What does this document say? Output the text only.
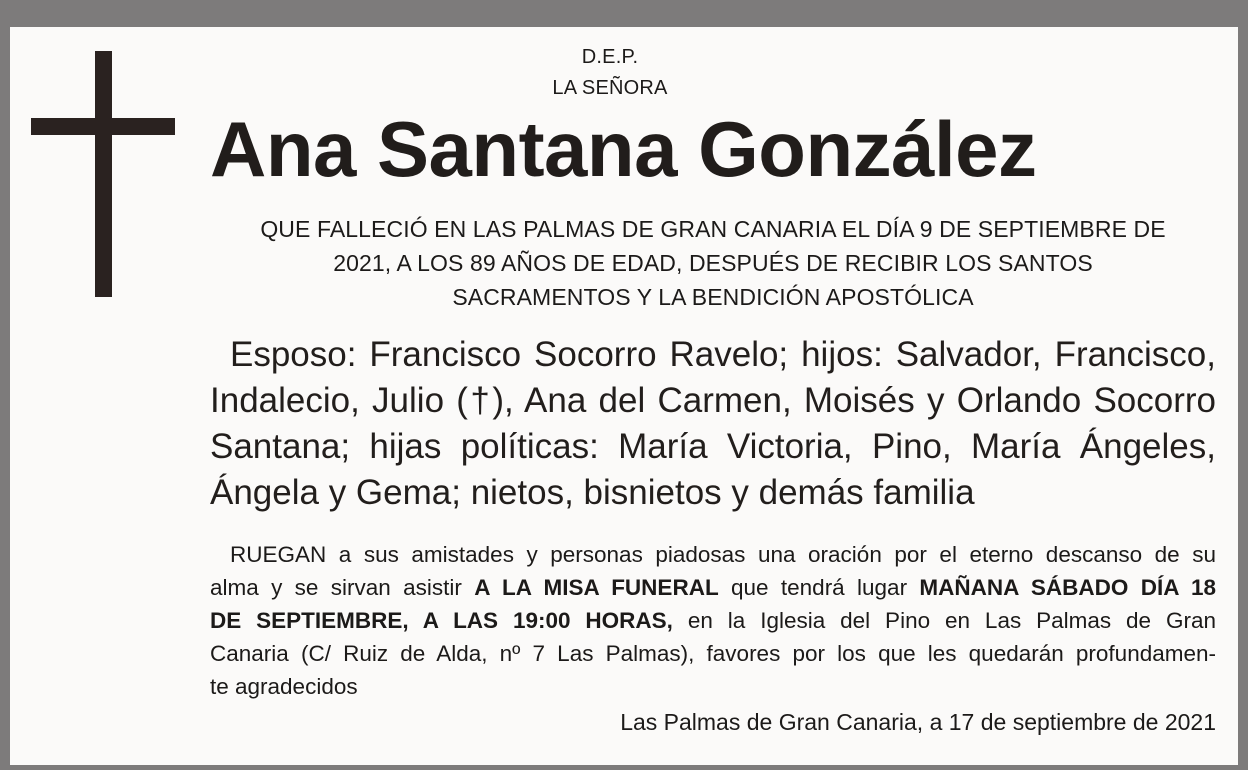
D.E.P.
LA SEÑORA
Ana Santana González
QUE FALLECIÓ EN LAS PALMAS DE GRAN CANARIA EL DÍA 9 DE SEPTIEMBRE DE
2021, A LOS 89 AÑOS DE EDAD, DESPUÉS DE RECIBIR LOS SANTOS
SACRAMENTOS Y LA BENDICIÓN APOSTÓLICA
Esposo: Francisco Socorro Ravelo; hijos: Salvador, Francisco,
Indalecio, Julio (†), Ana del Carmen, Moisés y Orlando Socorro
Santana; hijas políticas: María Victoria, Pino, María Ángeles,
Ángela y Gema; nietos, bisnietos y demás familia
RUEGAN a sus amistades y personas piadosas una oración por el eterno descanso de su
alma y se sirvan asistir A LA MISA FUNERAL que tendrá lugar MAÑANA SÁBADO DÍA 18
DE SEPTIEMBRE, A LAS 19:00 HORAS, en la Iglesia del Pino en Las Palmas de Gran
Canaria (C/ Ruiz de Alda, nº 7 Las Palmas), favores por los que les quedarán profundamen-
te agradecidos
Las Palmas de Gran Canaria, a 17 de septiembre de 2021
